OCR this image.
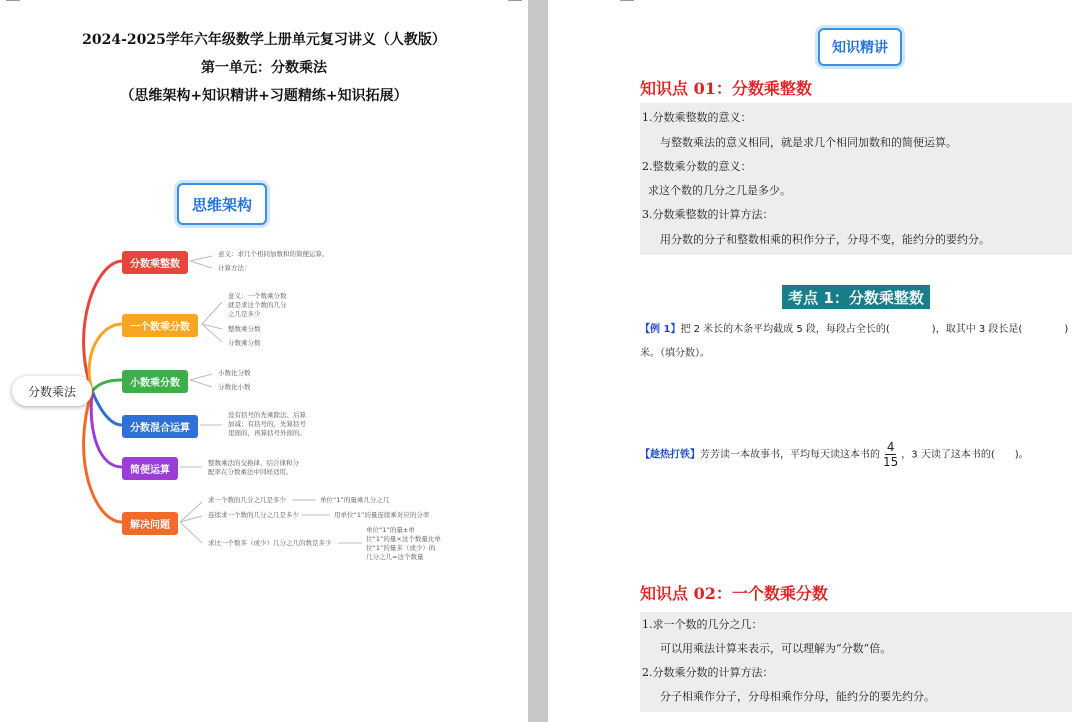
2024-2025学年六年级数学上册单元复习讲义（人教版）
第一单元：分数乘法
（思维架构+知识精讲+习题精练+知识拓展）
思维架构
分数乘法
分数乘整数
意义：求几个相同加数和的简便运算。
计算方法：
一个数乘分数
意义：一个数乘分数
就是求这个数的几分
之几是多少
整数乘分数
分数乘分数
小数乘分数
小数化分数
分数化小数
分数混合运算
没有括号的先乘除法、后算
加减；有括号的，先算括号
里面的，再算括号外面的。
简便运算
整数乘法的交换律、结合律和分
配率在分数乘法中同样适用。
解决问题
求一个数的几分之几是多少	单位“1”的量乘几分之几
连续求一个数的几分之几是多少	用单位“1”的量连续乘对应的分率
求比一个数多（或少）几分之几的数是多少
单位“1”的量±单
位“1”的量×这个数量比单
位“1”的量多（或少）的
几分之几=这个数量
知识精讲
知识点 01：分数乘整数
1.分数乘整数的意义：
与整数乘法的意义相同，就是求几个相同加数和的简便运算。
2.整数乘分数的意义：
求这个数的几分之几是多少。
3.分数乘整数的计算方法：
用分数的分子和整数相乘的积作分子，分母不变，能约分的要约分。
考点 1：分数乘整数
【例 1】把 2 米长的木条平均截成 5 段，每段占全长的(	)，取其中 3 段长是(	)
米。（填分数）。
【趁热打铁】芳芳读一本故事书，平均每天读这本书的 $\frac{4}{15}$ ，3 天读了这本书的( )。
知识点 02：一个数乘分数
1.求一个数的几分之几：
可以用乘法计算来表示，可以理解为“分数”倍。
2.分数乘分数的计算方法：
分子相乘作分子，分母相乘作分母，能约分的要先约分。
